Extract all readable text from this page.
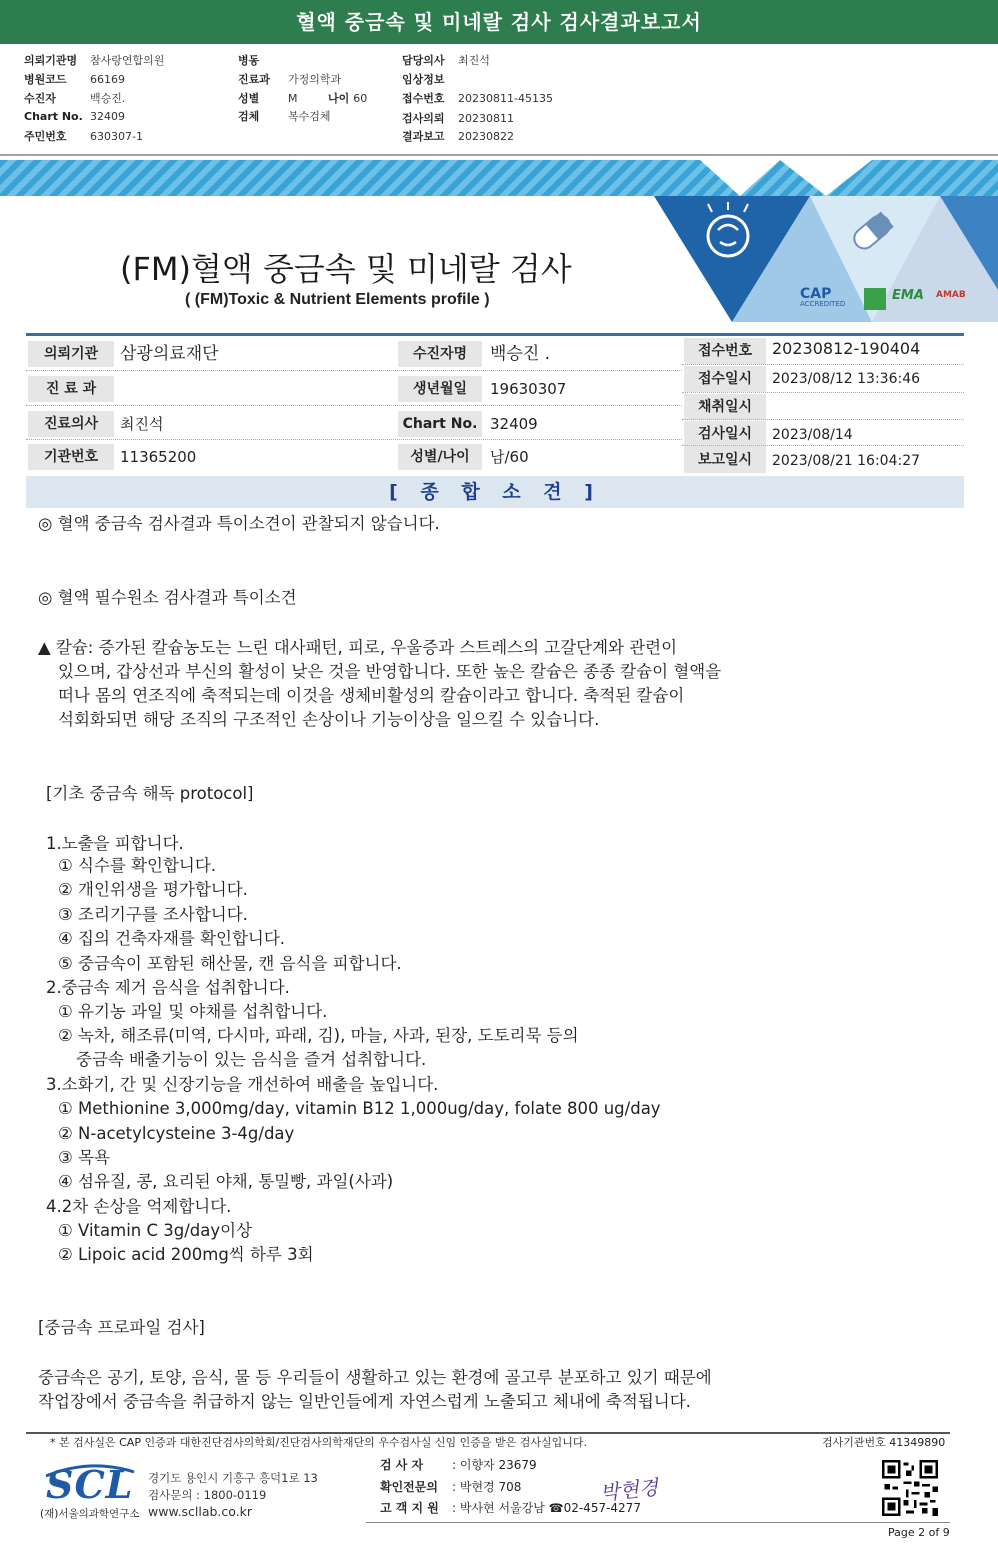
혈액 중금속 및 미네랄 검사 검사결과보고서
의뢰기관명 참사랑연합의원
병원코드 66169
수진자	백승진.
Chart No. 32409
주민번호 630307-1
병동
진료과 가정의학과
성별	M	나이 60
검체	복수검체
담당의사 최진석
임상정보
접수번호 20230811-45135
검사의뢰 20230811
결과보고 20230822
CAP
ACCREDITED
EMA AMAB
(FM)혈액 중금속 및 미네랄 검사
( (FM)Toxic & Nutrient Elements profile )
의뢰기관	삼광의료재단
진 료 과
진료의사	최진석
기관번호	11365200
수진자명	백승진 .
생년월일	19630307
Chart No. 32409
성별/나이	남/60
접수번호	20230812-190404
접수일시	2023/08/12 13:36:46
채취일시
검사일시	2023/08/14
보고일시	2023/08/21 16:04:27
[ 종 합 소 견 ]
◎ 혈액 중금속 검사결과 특이소견이 관찰되지 않습니다.
◎ 혈액 필수원소 검사결과 특이소견
▲ 칼슘: 증가된 칼슘농도는 느린 대사패턴, 피로, 우울증과 스트레스의 고갈단계와 관련이
있으며, 갑상선과 부신의 활성이 낮은 것을 반영합니다. 또한 높은 칼슘은 종종 칼슘이 혈액을
떠나 몸의 연조직에 축적되는데 이것을 생체비활성의 칼슘이라고 합니다. 축적된 칼슘이
석회화되면 해당 조직의 구조적인 손상이나 기능이상을 일으킬 수 있습니다.
[기초 중금속 해독 protocol]
1.노출을 피합니다.
① 식수를 확인합니다.
② 개인위생을 평가합니다.
③ 조리기구를 조사합니다.
④ 집의 건축자재를 확인합니다.
⑤ 중금속이 포함된 해산물, 캔 음식을 피합니다.
2.중금속 제거 음식을 섭취합니다.
① 유기농 과일 및 야채를 섭취합니다.
② 녹차, 해조류(미역, 다시마, 파래, 김), 마늘, 사과, 된장, 도토리묵 등의
중금속 배출기능이 있는 음식을 즐겨 섭취합니다.
3.소화기, 간 및 신장기능을 개선하여 배출을 높입니다.
① Methionine 3,000mg/day, vitamin B12 1,000ug/day, folate 800 ug/day
② N-acetylcysteine 3-4g/day
③ 목욕
④ 섬유질, 콩, 요리된 야채, 통밀빵, 과일(사과)
4.2차 손상을 억제합니다.
① Vitamin C 3g/day이상
② Lipoic acid 200mg씩 하루 3회
[중금속 프로파일 검사]
중금속은 공기, 토양, 음식, 물 등 우리들이 생활하고 있는 환경에 골고루 분포하고 있기 때문에
작업장에서 중금속을 취급하지 않는 일반인들에게 자연스럽게 노출되고 체내에 축적됩니다.
* 본 검사실은 CAP 인증과 대한진단검사의학회/진단검사의학재단의 우수검사실 신임 인증을 받은 검사실입니다.	검사기관번호 41349890
SCL
(재)서울의과학연구소
경기도 용인시 기흥구 흥덕1로 13
검사문의 : 1800-0119
www.scllab.co.kr
검 사 자 : 이향자 23679
확인전문의 : 박현경 708
고 객 지 원 : 박사현 서울강남 ☎02-457-4277
박현경
Page 2 of 9
